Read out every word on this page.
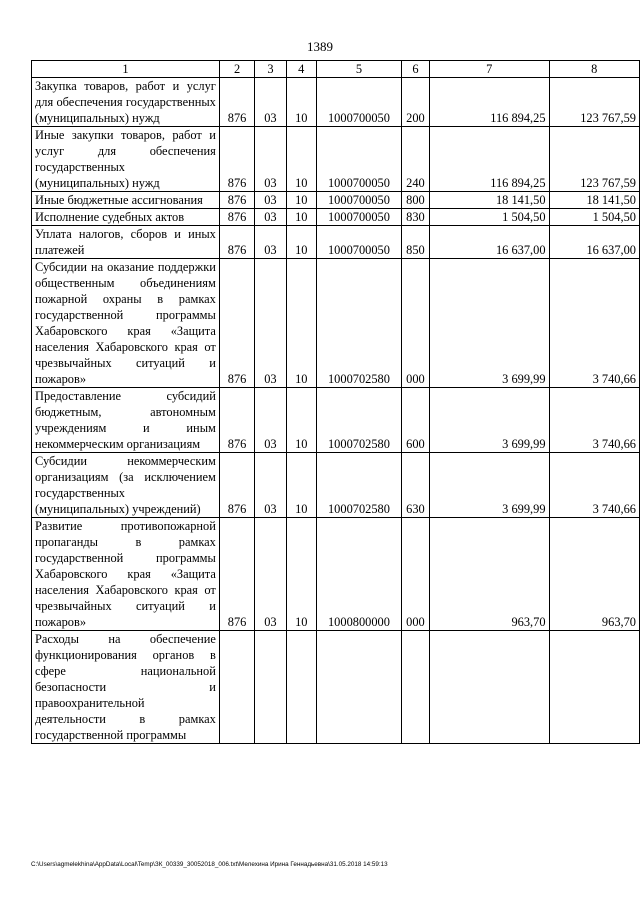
1389
1	2	3	4	5	6	7	8
Закупка товаров, работ и услуг для обеспечения государственных (муниципальных) нужд	876	03	10	1000700050	200	116 894,25	123 767,59
Иные закупки товаров, работ и услуг для обеспечения государственных (муниципальных) нужд	876	03	10	1000700050	240	116 894,25	123 767,59
Иные бюджетные ассигнования	876	03	10	1000700050	800	18 141,50	18 141,50
Исполнение судебных актов	876	03	10	1000700050	830	1 504,50	1 504,50
Уплата налогов, сборов и иных платежей	876	03	10	1000700050	850	16 637,00	16 637,00
Субсидии на оказание поддержки общественным объединениям пожарной охраны в рамках государственной программы Хабаровского края «Защита населения Хабаровского края от чрезвычайных ситуаций и пожаров»	876	03	10	1000702580	000	3 699,99	3 740,66
Предоставление субсидий бюджетным, автономным учреждениям и иным некоммерческим организациям	876	03	10	1000702580	600	3 699,99	3 740,66
Субсидии некоммерческим организациям (за исключением государственных (муниципальных) учреждений)	876	03	10	1000702580	630	3 699,99	3 740,66
Развитие противопожарной пропаганды в рамках государственной программы Хабаровского края «Защита населения Хабаровского края от чрезвычайных ситуаций и пожаров»	876	03	10	1000800000	000	963,70	963,70
Расходы на обеспечение функционирования органов в сфере национальной безопасности и правоохранительной деятельности в рамках государственной программы							
C:\Users\agmelekhina\AppData\Local\Temp\ЗК_00339_30052018_006.txt\Мелехина Ирина Геннадьевна\31.05.2018 14:59:13
